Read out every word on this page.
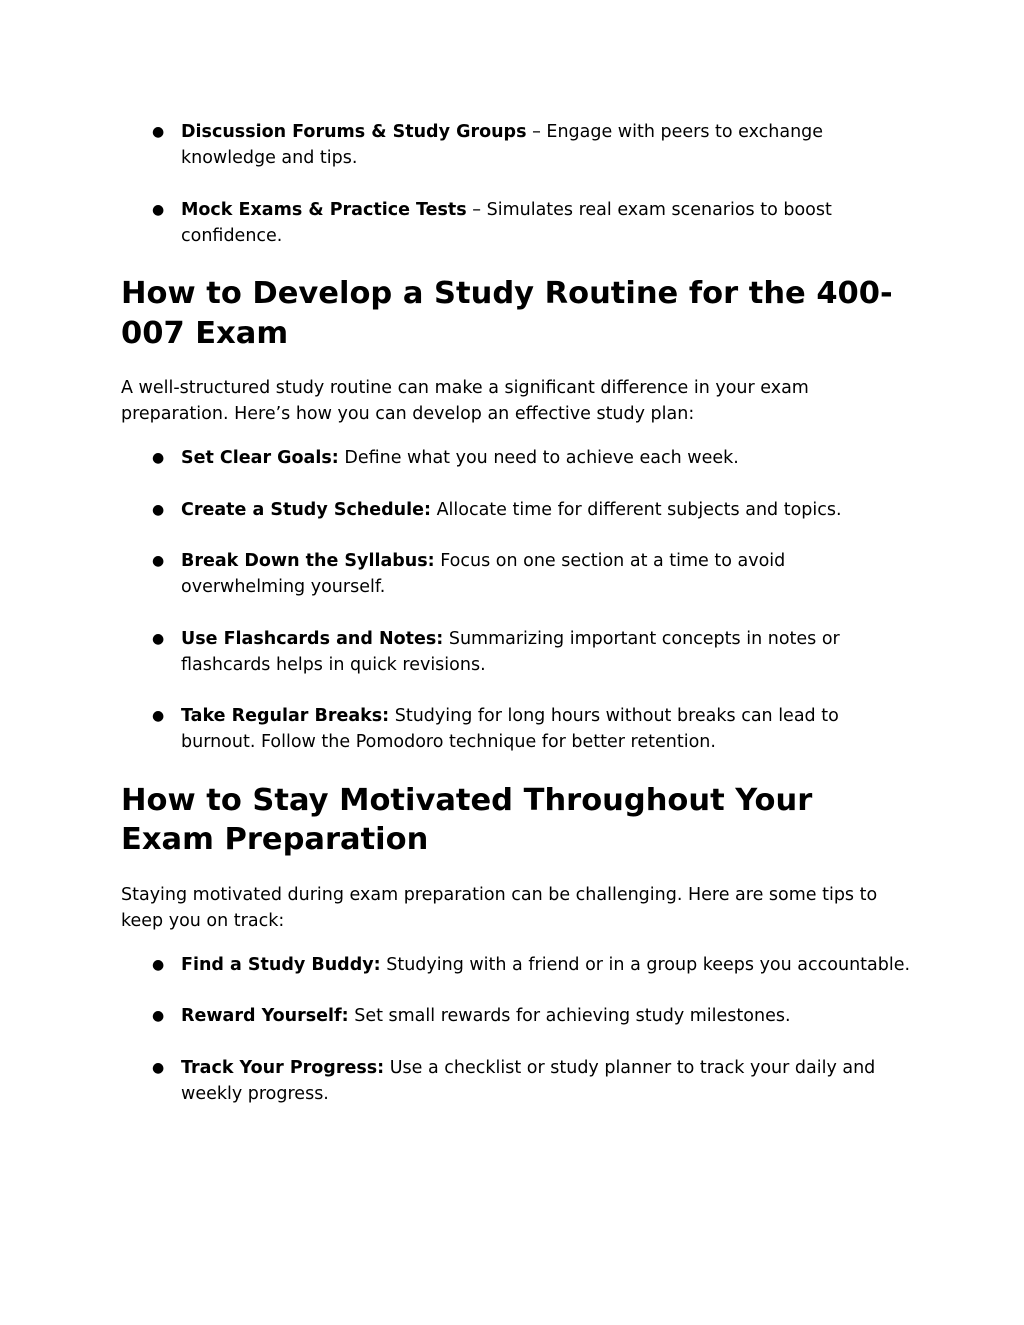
● Discussion Forums & Study Groups – Engage with peers to exchange knowledge and tips.
● Mock Exams & Practice Tests – Simulates real exam scenarios to boost confidence.
How to Develop a Study Routine for the 400-007 Exam

A well-structured study routine can make a significant difference in your exam preparation. Here’s how you can develop an effective study plan:

● Set Clear Goals: Define what you need to achieve each week.
● Create a Study Schedule: Allocate time for different subjects and topics.
● Break Down the Syllabus: Focus on one section at a time to avoid overwhelming yourself.
● Use Flashcards and Notes: Summarizing important concepts in notes or flashcards helps in quick revisions.
● Take Regular Breaks: Studying for long hours without breaks can lead to burnout. Follow the Pomodoro technique for better retention.
How to Stay Motivated Throughout Your Exam Preparation

Staying motivated during exam preparation can be challenging. Here are some tips to keep you on track:

● Find a Study Buddy: Studying with a friend or in a group keeps you accountable.
● Reward Yourself: Set small rewards for achieving study milestones.
● Track Your Progress: Use a checklist or study planner to track your daily and weekly progress.
